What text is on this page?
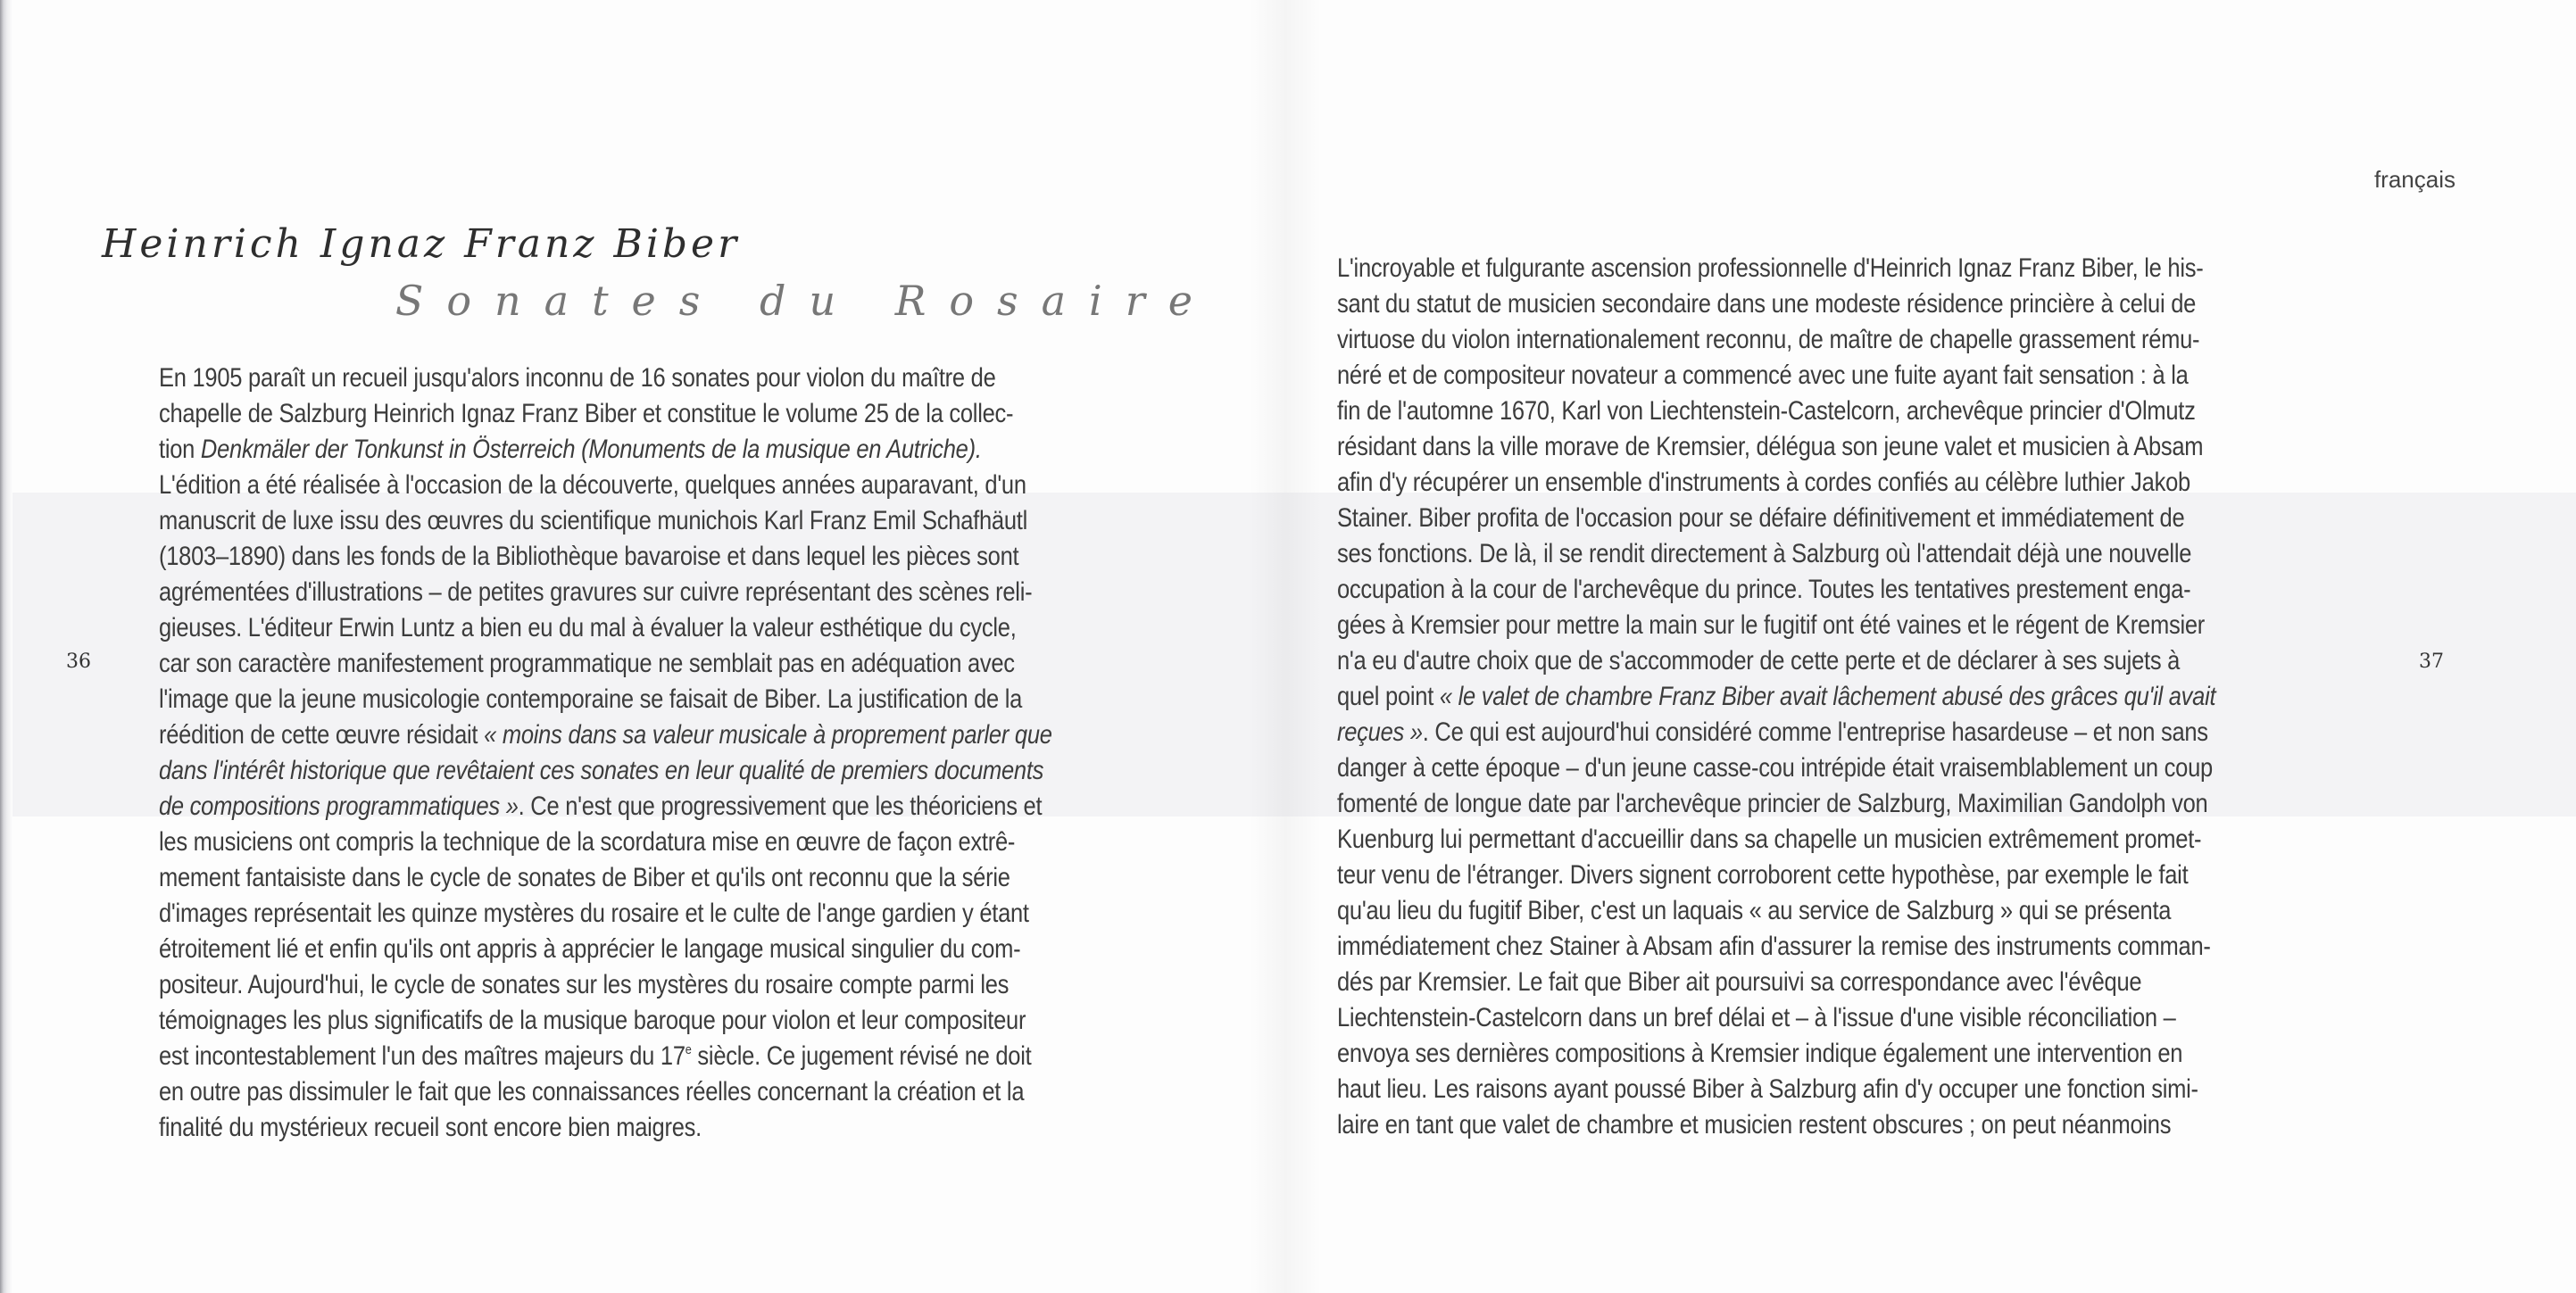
français
Heinrich Ignaz Franz Biber
Sonates du Rosaire
En 1905 paraît un recueil jusqu'alors inconnu de 16 sonates pour violon du maître de
chapelle de Salzburg Heinrich Ignaz Franz Biber et constitue le volume 25 de la collec-
tion Denkmäler der Tonkunst in Österreich (Monuments de la musique en Autriche).
L'édition a été réalisée à l'occasion de la découverte, quelques années auparavant, d'un
manuscrit de luxe issu des œuvres du scientifique munichois Karl Franz Emil Schafhäutl
(1803–1890) dans les fonds de la Bibliothèque bavaroise et dans lequel les pièces sont
agrémentées d'illustrations – de petites gravures sur cuivre représentant des scènes reli-
gieuses. L'éditeur Erwin Luntz a bien eu du mal à évaluer la valeur esthétique du cycle,
car son caractère manifestement programmatique ne semblait pas en adéquation avec
l'image que la jeune musicologie contemporaine se faisait de Biber. La justification de la
réédition de cette œuvre résidait « moins dans sa valeur musicale à proprement parler que
dans l'intérêt historique que revêtaient ces sonates en leur qualité de premiers documents
de compositions programmatiques ». Ce n'est que progressivement que les théoriciens et
les musiciens ont compris la technique de la scordatura mise en œuvre de façon extrê-
mement fantaisiste dans le cycle de sonates de Biber et qu'ils ont reconnu que la série
d'images représentait les quinze mystères du rosaire et le culte de l'ange gardien y étant
étroitement lié et enfin qu'ils ont appris à apprécier le langage musical singulier du com-
positeur. Aujourd'hui, le cycle de sonates sur les mystères du rosaire compte parmi les
témoignages les plus significatifs de la musique baroque pour violon et leur compositeur
est incontestablement l'un des maîtres majeurs du 17e siècle. Ce jugement révisé ne doit
en outre pas dissimuler le fait que les connaissances réelles concernant la création et la
finalité du mystérieux recueil sont encore bien maigres.
L'incroyable et fulgurante ascension professionnelle d'Heinrich Ignaz Franz Biber, le his-
sant du statut de musicien secondaire dans une modeste résidence princière à celui de
virtuose du violon internationalement reconnu, de maître de chapelle grassement rému-
néré et de compositeur novateur a commencé avec une fuite ayant fait sensation : à la
fin de l'automne 1670, Karl von Liechtenstein-Castelcorn, archevêque princier d'Olmutz
résidant dans la ville morave de Kremsier, délégua son jeune valet et musicien à Absam
afin d'y récupérer un ensemble d'instruments à cordes confiés au célèbre luthier Jakob
Stainer. Biber profita de l'occasion pour se défaire définitivement et immédiatement de
ses fonctions. De là, il se rendit directement à Salzburg où l'attendait déjà une nouvelle
occupation à la cour de l'archevêque du prince. Toutes les tentatives prestement enga-
gées à Kremsier pour mettre la main sur le fugitif ont été vaines et le régent de Kremsier
n'a eu d'autre choix que de s'accommoder de cette perte et de déclarer à ses sujets à
quel point « le valet de chambre Franz Biber avait lâchement abusé des grâces qu'il avait
reçues ». Ce qui est aujourd'hui considéré comme l'entreprise hasardeuse – et non sans
danger à cette époque – d'un jeune casse-cou intrépide était vraisemblablement un coup
fomenté de longue date par l'archevêque princier de Salzburg, Maximilian Gandolph von
Kuenburg lui permettant d'accueillir dans sa chapelle un musicien extrêmement promet-
teur venu de l'étranger. Divers signent corroborent cette hypothèse, par exemple le fait
qu'au lieu du fugitif Biber, c'est un laquais « au service de Salzburg » qui se présenta
immédiatement chez Stainer à Absam afin d'assurer la remise des instruments comman-
dés par Kremsier. Le fait que Biber ait poursuivi sa correspondance avec l'évêque
Liechtenstein-Castelcorn dans un bref délai et – à l'issue d'une visible réconciliation –
envoya ses dernières compositions à Kremsier indique également une intervention en
haut lieu. Les raisons ayant poussé Biber à Salzburg afin d'y occuper une fonction simi-
laire en tant que valet de chambre et musicien restent obscures ; on peut néanmoins
36	37
